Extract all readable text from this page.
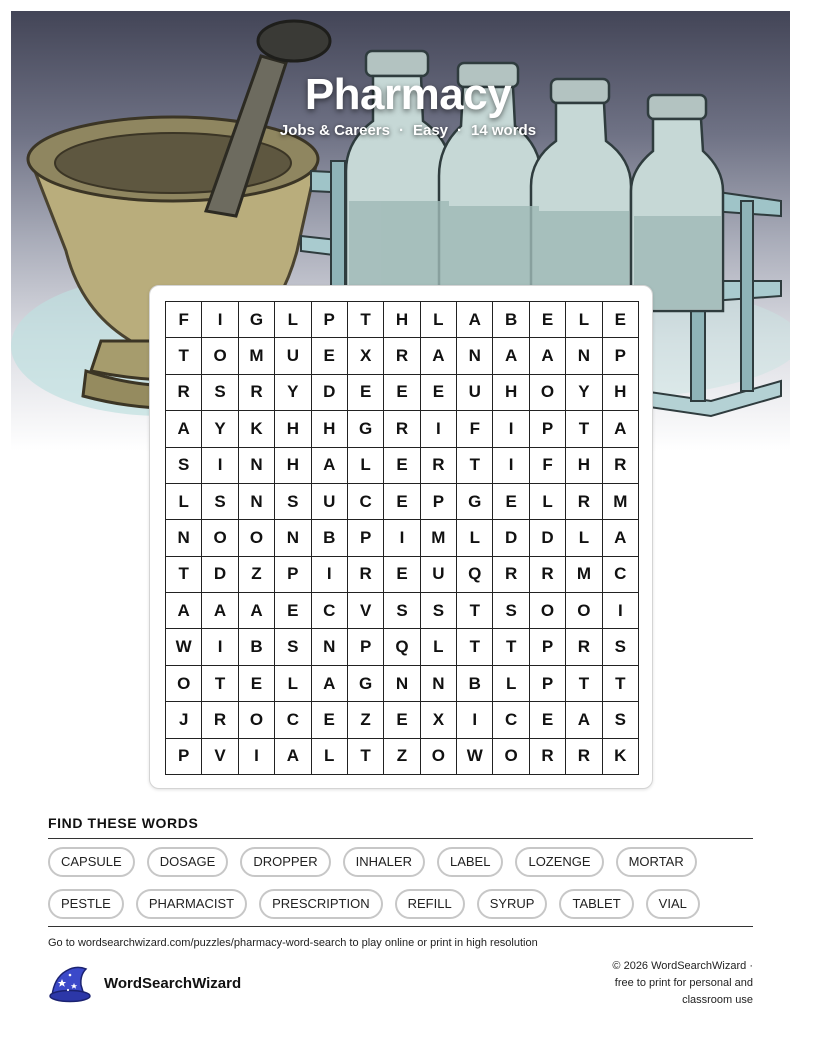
Pharmacy
Jobs & Careers · Easy · 14 words
F	I	G	L	P	T	H	L	A	B	E	L	E
T	O	M	U	E	X	R	A	N	A	A	N	P
R	S	R	Y	D	E	E	E	U	H	O	Y	H
A	Y	K	H	H	G	R	I	F	I	P	T	A
S	I	N	H	A	L	E	R	T	I	F	H	R
L	S	N	S	U	C	E	P	G	E	L	R	M
N	O	O	N	B	P	I	M	L	D	D	L	A
T	D	Z	P	I	R	E	U	Q	R	R	M	C
A	A	A	E	C	V	S	S	T	S	O	O	I
W	I	B	S	N	P	Q	L	T	T	P	R	S
O	T	E	L	A	G	N	N	B	L	P	T	T
J	R	O	C	E	Z	E	X	I	C	E	A	S
P	V	I	A	L	T	Z	O	W	O	R	R	K
FIND THESE WORDS
CAPSULE	DOSAGE	DROPPER	INHALER	LABEL	LOZENGE	MORTAR
PESTLE	PHARMACIST	PRESCRIPTION	REFILL	SYRUP	TABLET	VIAL
Go to wordsearchwizard.com/puzzles/pharmacy-word-search to play online or print in high resolution
WordSearchWizard
© 2026 WordSearchWizard ·
free to print for personal and
classroom use
